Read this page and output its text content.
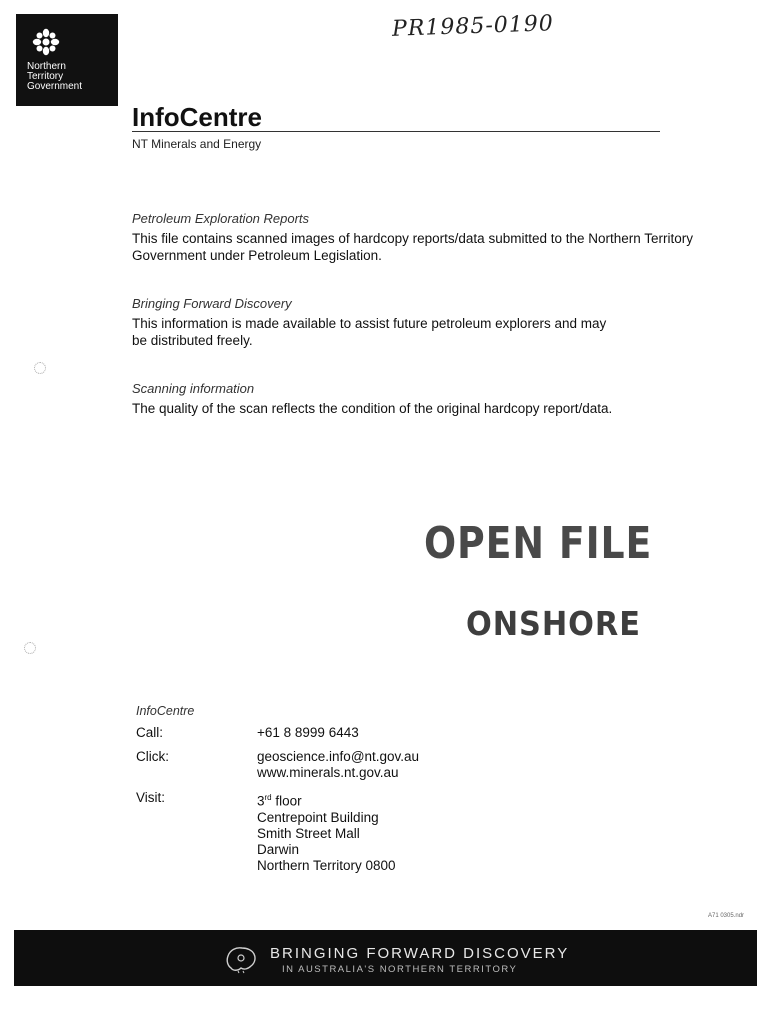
Northern
Territory
Government
PR1985-0190
InfoCentre
NT Minerals and Energy
Petroleum Exploration Reports
This file contains scanned images of hardcopy reports/data submitted to the Northern Territory
Government under Petroleum Legislation.
Bringing Forward Discovery
This information is made available to assist future petroleum explorers and may
be distributed freely.
Scanning information
The quality of the scan reflects the condition of the original hardcopy report/data.
OPEN FILE
ONSHORE
InfoCentre
Call:	+61 8 8999 6443
Click:	geoscience.info@nt.gov.au
www.minerals.nt.gov.au
Visit:	3rd floor
Centrepoint Building
Smith Street Mall
Darwin
Northern Territory 0800
A71 0305.ndr
BRINGING FORWARD DISCOVERY
IN AUSTRALIA'S NORTHERN TERRITORY
